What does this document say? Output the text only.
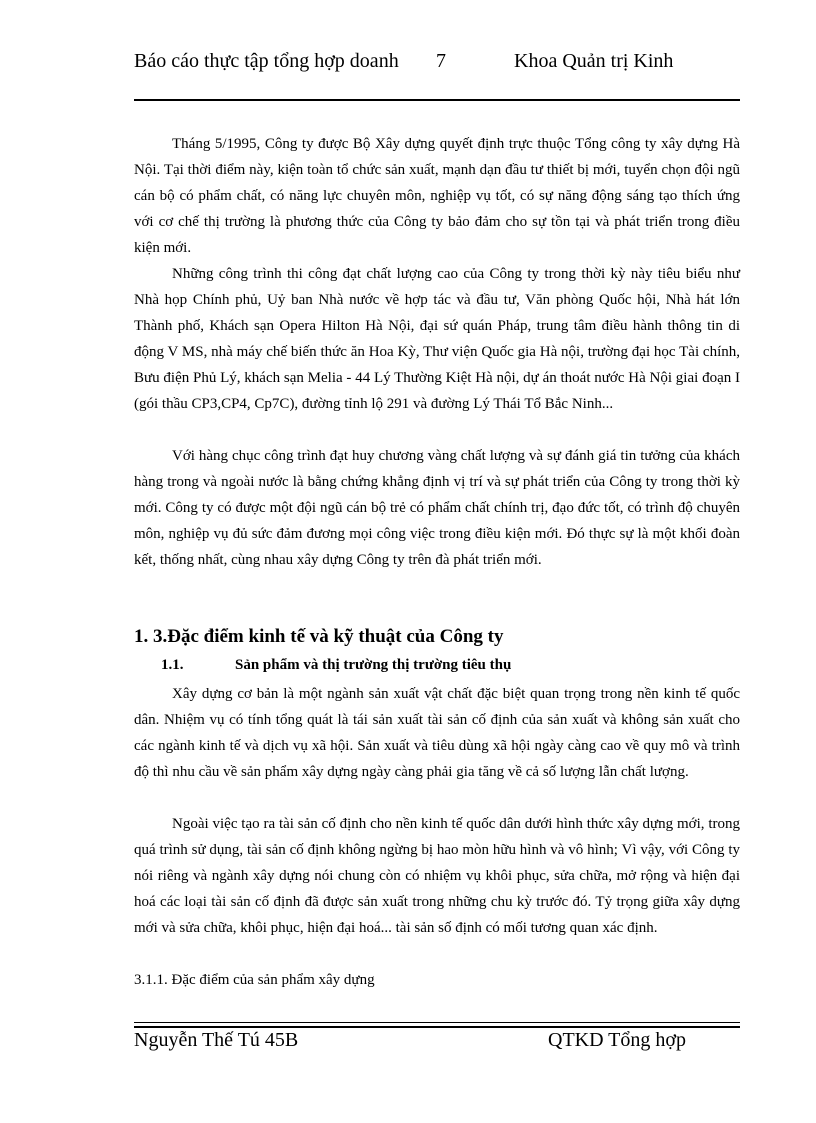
Báo cáo thực tập tổng hợp doanh	7	Khoa Quản trị Kinh

Tháng 5/1995, Công ty được Bộ Xây dựng quyết định trực thuộc Tổng công ty xây dựng Hà Nội. Tại thời điểm này, kiện toàn tổ chức sản xuất, mạnh dạn đầu tư thiết bị mới, tuyển chọn đội ngũ cán bộ có phẩm chất, có năng lực chuyên môn, nghiệp vụ tốt, có sự năng động sáng tạo thích ứng với cơ chế thị trường là phương thức của Công ty bảo đảm cho sự tồn tại và phát triển trong điều kiện mới.

Những công trình thi công đạt chất lượng cao của Công ty trong thời kỳ này tiêu biểu như Nhà họp Chính phủ, Uỷ ban Nhà nước về hợp tác và đầu tư, Văn phòng Quốc hội, Nhà hát lớn Thành phố, Khách sạn Opera Hilton Hà Nội, đại sứ quán Pháp, trung tâm điều hành thông tin di động V MS, nhà máy chế biến thức ăn Hoa Kỳ, Thư viện Quốc gia Hà nội, trường đại học Tài chính, Bưu điện Phủ Lý, khách sạn Melia - 44 Lý Thường Kiệt Hà nội, dự án thoát nước Hà Nội giai đoạn I (gói thầu CP3,CP4, Cp7C), đường tỉnh lộ 291 và đường Lý Thái Tổ Bắc Ninh...

Với hàng chục công trình đạt huy chương vàng chất lượng và sự đánh giá tin tưởng của khách hàng trong và ngoài nước là bằng chứng khẳng định vị trí và sự phát triển của Công ty trong thời kỳ mới. Công ty có được một đội ngũ cán bộ trẻ có phẩm chất chính trị, đạo đức tốt, có trình độ chuyên môn, nghiệp vụ đủ sức đảm đương mọi công việc trong điều kiện mới. Đó thực sự là một khối đoàn kết, thống nhất, cùng nhau xây dựng Công ty trên đà phát triển mới.

1. 3.Đặc điểm kinh tế và kỹ thuật của Công ty
1.1.	Sản phẩm và thị trường thị trường tiêu thụ

Xây dựng cơ bản là một ngành sản xuất vật chất đặc biệt quan trọng trong nền kinh tế quốc dân. Nhiệm vụ có tính tổng quát là tái sản xuất tài sản cố định của sản xuất và không sản xuất cho các ngành kinh tế và dịch vụ xã hội. Sản xuất và tiêu dùng xã hội ngày càng cao về quy mô và trình độ thì nhu cầu về sản phẩm xây dựng ngày càng phải gia tăng về cả số lượng lẫn chất lượng.

Ngoài việc tạo ra tài sản cố định cho nền kinh tế quốc dân dưới hình thức xây dựng mới, trong quá trình sử dụng, tài sản cố định không ngừng bị hao mòn hữu hình và vô hình; Vì vậy, với Công ty nói riêng và ngành xây dựng nói chung còn có nhiệm vụ khôi phục, sửa chữa, mở rộng và hiện đại hoá các loại tài sản cố định đã được sản xuất trong những chu kỳ trước đó. Tỷ trọng giữa xây dựng mới và sửa chữa, khôi phục, hiện đại hoá... tài sản số định có mối tương quan xác định.

3.1.1. Đặc điểm của sản phẩm xây dựng

Nguyễn Thế Tú 45B	QTKD Tổng hợp
